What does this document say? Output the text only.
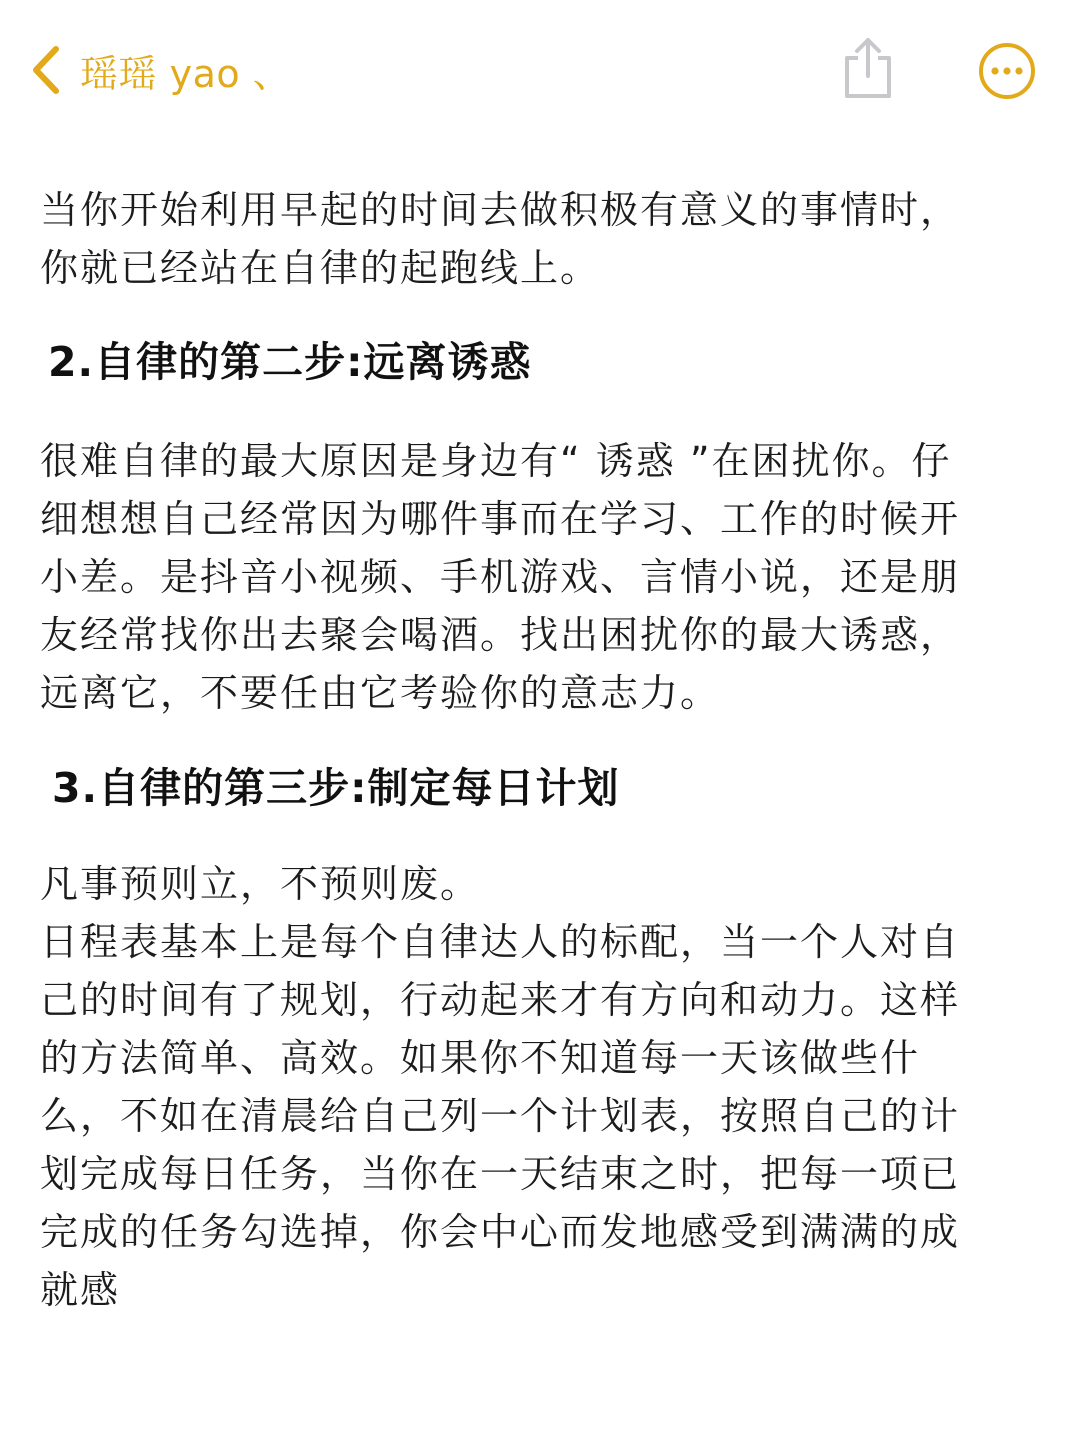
瑶瑶 yao 、
当你开始利用早起的时间去做积极有意义的事情时，
你就已经站在自律的起跑线上。
2.自律的第二步:远离诱惑
很难自律的最大原因是身边有“ 诱惑 ”在困扰你。仔
细想想自己经常因为哪件事而在学习、工作的时候开
小差。是抖音小视频、手机游戏、言情小说，还是朋
友经常找你出去聚会喝酒。找出困扰你的最大诱惑，
远离它，不要任由它考验你的意志力。
3.自律的第三步:制定每日计划
凡事预则立，不预则废。
日程表基本上是每个自律达人的标配，当一个人对自
己的时间有了规划，行动起来才有方向和动力。这样
的方法简单、高效。如果你不知道每一天该做些什
么，不如在清晨给自己列一个计划表，按照自己的计
划完成每日任务，当你在一天结束之时，把每一项已
完成的任务勾选掉，你会中心而发地感受到满满的成
就感
